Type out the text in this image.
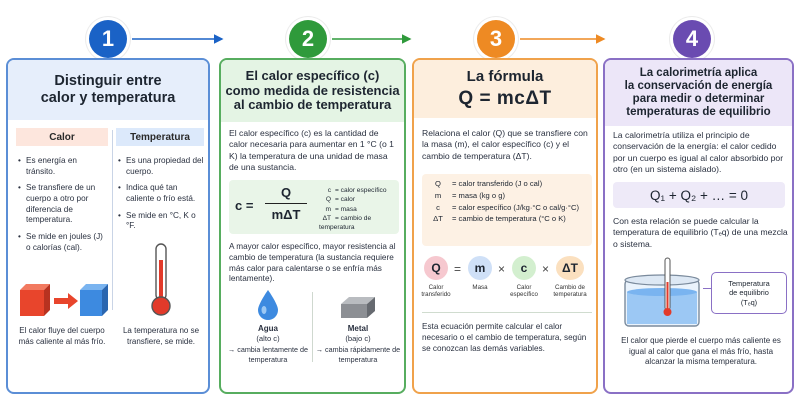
1	2	3	4
Distinguir entre
calor y temperatura
Calor	Temperatura
• Es energía en tránsito.
• Se transfiere de un cuerpo a otro por diferencia de temperatura.
• Se mide en joules (J) o calorías (cal).
• Es una propiedad del cuerpo.
• Indica qué tan caliente o frío está.
• Se mide en °C, K o °F.
El calor fluye del cuerpo más caliente al más frío.
La temperatura no se transfiere, se mide.
El calor específico (c)
como medida de resistencia
al cambio de temperatura
El calor específico (c) es la cantidad de calor necesaria para aumentar en 1 °C (o 1 K) la temperatura de una unidad de masa de una sustancia.
c =
Q
mΔT
c = calor específico
Q = calor
m = masa
ΔT = cambio de temperatura
A mayor calor específico, mayor resistencia al cambio de temperatura (la sustancia requiere más calor para calentarse o se enfría más lentamente).
Agua
(alto c)
→ cambia lentamente de temperatura
Metal
(bajo c)
→ cambia rápidamente de temperatura
La fórmula
Q = mcΔT
Relaciona el calor (Q) que se transfiere con la masa (m), el calor específico (c) y el cambio de temperatura (ΔT).
Q = calor transferido (J o cal)
m = masa (kg o g)
c = calor específico (J/kg·°C o cal/g·°C)
ΔT = cambio de temperatura (°C o K)
Q	=	m	×	c	×	ΔT
Calor transferido
Masa	Calor específico
Cambio de temperatura
Esta ecuación permite calcular el calor necesario o el cambio de temperatura, según se conozcan las demás variables.
La calorimetría aplica
la conservación de energía
para medir o determinar
temperaturas de equilibrio
La calorimetría utiliza el principio de conservación de la energía: el calor cedido por un cuerpo es igual al calor absorbido por otro (en un sistema aislado).
Q₁ + Q₂ + … = 0
Con esta relación se puede calcular la temperatura de equilibrio (Tₑq) de una mezcla o sistema.
Temperatura
de equilibrio
(Tₑq)
El calor que pierde el cuerpo más caliente es igual al calor que gana el más frío, hasta alcanzar la misma temperatura.
